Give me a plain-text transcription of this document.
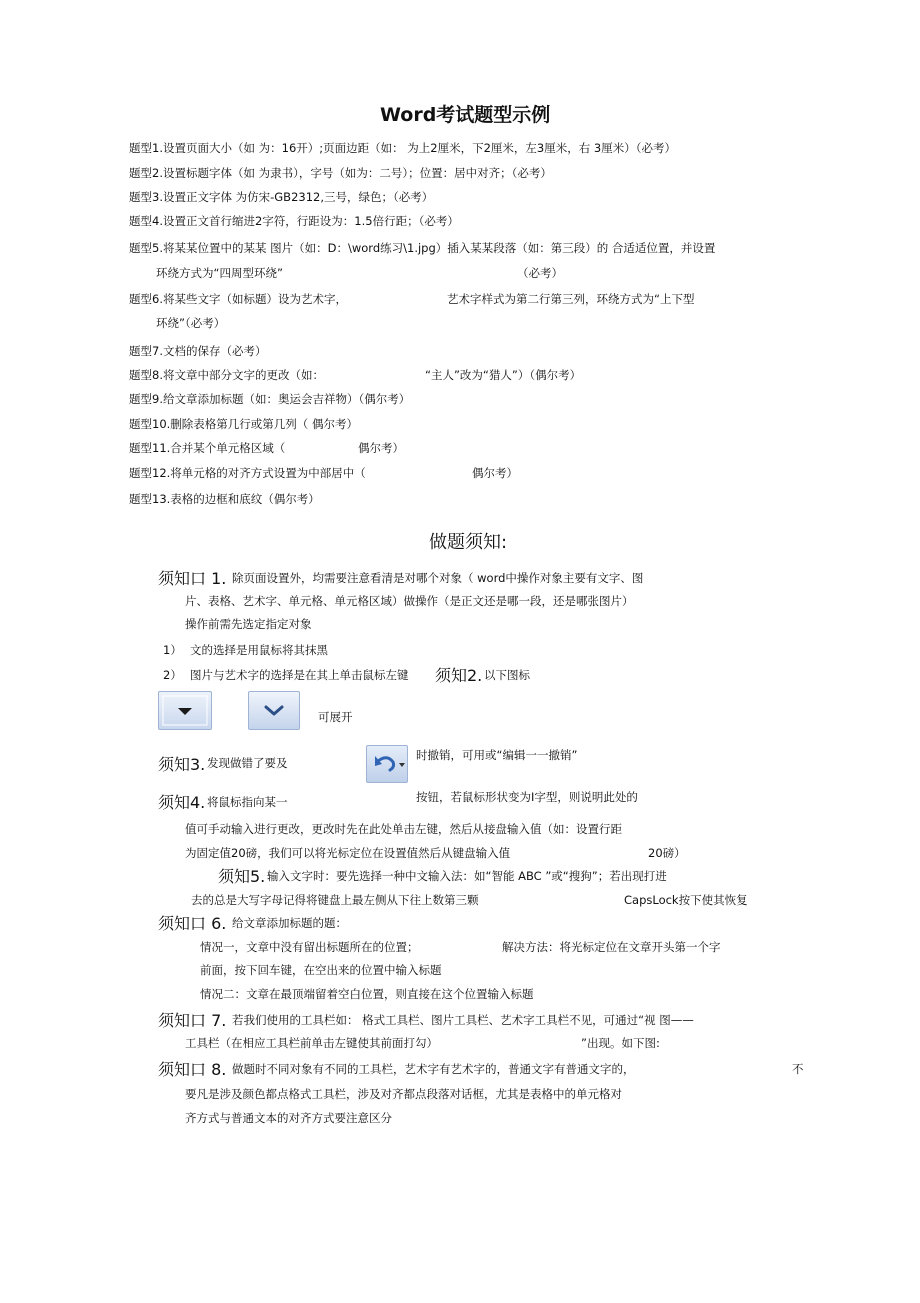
Word考试题型示例
题型1.设置页面大小（如 为：16开）;页面边距（如： 为上2厘米，下2厘米，左3厘米，右 3厘米）（必考）
题型2.设置标题字体（如 为隶书），字号（如为：二号）；位置：居中对齐；（必考）
题型3.设置正文字体 为仿宋-GB2312,三号，绿色；（必考）
题型4.设置正文首行缩进2字符，行距设为：1.5倍行距；（必考）
题型5.将某某位置中的某某 图片（如：D：\word练习\1.jpg）插入某某段落（如：第三段）的 合适适位置，并设置
环绕方式为“四周型环绕”	（必考）
题型6.将某些文字（如标题）设为艺术字，	艺术字样式为第二行第三列，环绕方式为“上下型
环绕”（必考）
题型7.文档的保存（必考）
题型8.将文章中部分文字的更改（如：	“主人”改为“猎人”）（偶尔考）
题型9.给文章添加标题（如：奥运会吉祥物）（偶尔考）
题型10.删除表格第几行或第几列（ 偶尔考）
题型11.合并某个单元格区域（	偶尔考）
题型12.将单元格的对齐方式设置为中部居中（	偶尔考）
题型13.表格的边框和底纹（偶尔考）
做题须知:
须知口 1. 除页面设置外，均需要注意看清是对哪个对象（ word中操作对象主要有文字、图
片、表格、艺术字、单元格、单元格区域）做操作（是正文还是哪一段，还是哪张图片）
操作前需先选定指定对象
1） 文的选择是用鼠标将其抹黑
2） 图片与艺术字的选择是在其上单击鼠标左键 须知2. 以下图标
可展开
须知3. 发现做错了要及
时撤销，可用或“编辑一一撤销”
须知4. 将鼠标指向某一	按钮，若鼠标形状变为I字型，则说明此处的
值可手动输入进行更改，更改时先在此处单击左键，然后从接盘输入值（如：设置行距
为固定值20磅，我们可以将光标定位在设置值然后从键盘输入值	20磅）
须知5. 输入文字时：要先选择一种中文输入法：如“智能 ABC ”或“搜狗”；若出现打进
去的总是大写字母记得将键盘上最左侧从下往上数第三颗	CapsLock按下使其恢复
须知口 6. 给文章添加标题的题：
情况一，文章中没有留出标题所在的位置；	解决方法：将光标定位在文章开头第一个字
前面，按下回车键，在空出来的位置中输入标题
情况二：文章在最顶端留着空白位置，则直接在这个位置输入标题
须知口 7. 若我们使用的工具栏如： 格式工具栏、图片工具栏、艺术字工具栏不见，可通过“视 图——
工具栏（在相应工具栏前单击左键使其前面打勾）	”出现。如下图:
须知口 8. 做题时不同对象有不同的工具栏，艺术字有艺术字的，普通文字有普通文字的，	不
要凡是涉及颜色都点格式工具栏，涉及对齐都点段落对话框，尤其是表格中的单元格对
齐方式与普通文本的对齐方式要注意区分
